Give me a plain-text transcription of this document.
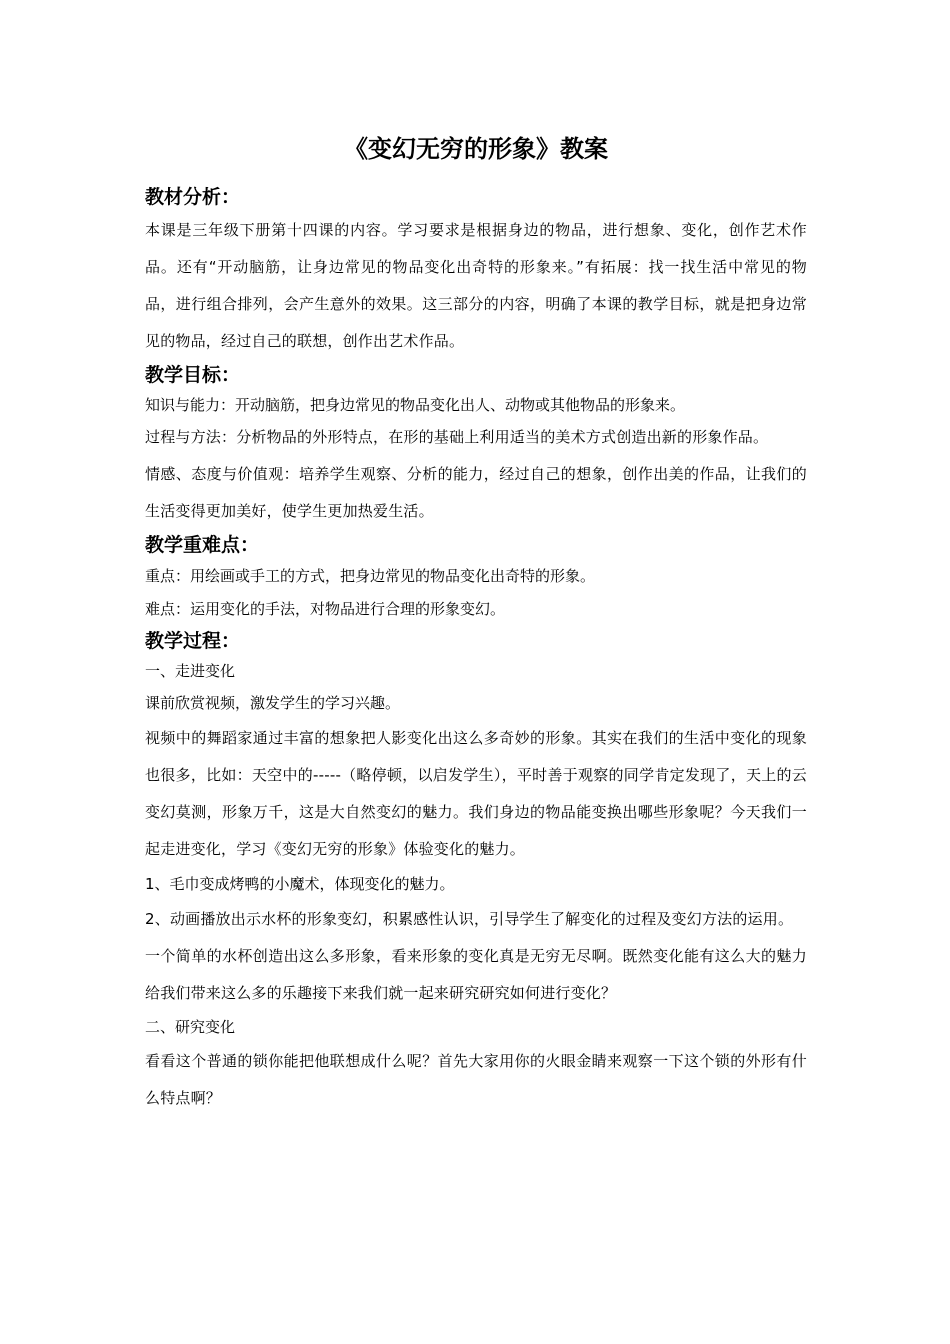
《变幻无穷的形象》教案
教材分析：

本课是三年级下册第十四课的内容。学习要求是根据身边的物品，进行想象、变化，创作艺术作品。还有“开动脑筋，让身边常见的物品变化出奇特的形象来。”有拓展：找一找生活中常见的物品，进行组合排列，会产生意外的效果。这三部分的内容，明确了本课的教学目标，就是把身边常见的物品，经过自己的联想，创作出艺术作品。

教学目标：

知识与能力：开动脑筋，把身边常见的物品变化出人、动物或其他物品的形象来。

过程与方法：分析物品的外形特点，在形的基础上利用适当的美术方式创造出新的形象作品。

情感、态度与价值观：培养学生观察、分析的能力，经过自己的想象，创作出美的作品，让我们的生活变得更加美好，使学生更加热爱生活。

教学重难点：

重点：用绘画或手工的方式，把身边常见的物品变化出奇特的形象。

难点：运用变化的手法，对物品进行合理的形象变幻。

教学过程：

一、走进变化

课前欣赏视频，激发学生的学习兴趣。

视频中的舞蹈家通过丰富的想象把人影变化出这么多奇妙的形象。其实在我们的生活中变化的现象也很多，比如：天空中的-----（略停顿，以启发学生），平时善于观察的同学肯定发现了，天上的云变幻莫测，形象万千，这是大自然变幻的魅力。我们身边的物品能变换出哪些形象呢？今天我们一起走进变化，学习《变幻无穷的形象》体验变化的魅力。

1、毛巾变成烤鸭的小魔术，体现变化的魅力。

2、动画播放出示水杯的形象变幻，积累感性认识，引导学生了解变化的过程及变幻方法的运用。

一个简单的水杯创造出这么多形象，看来形象的变化真是无穷无尽啊。既然变化能有这么大的魅力给我们带来这么多的乐趣接下来我们就一起来研究研究如何进行变化？

二、研究变化

看看这个普通的锁你能把他联想成什么呢？首先大家用你的火眼金睛来观察一下这个锁的外形有什么特点啊？
